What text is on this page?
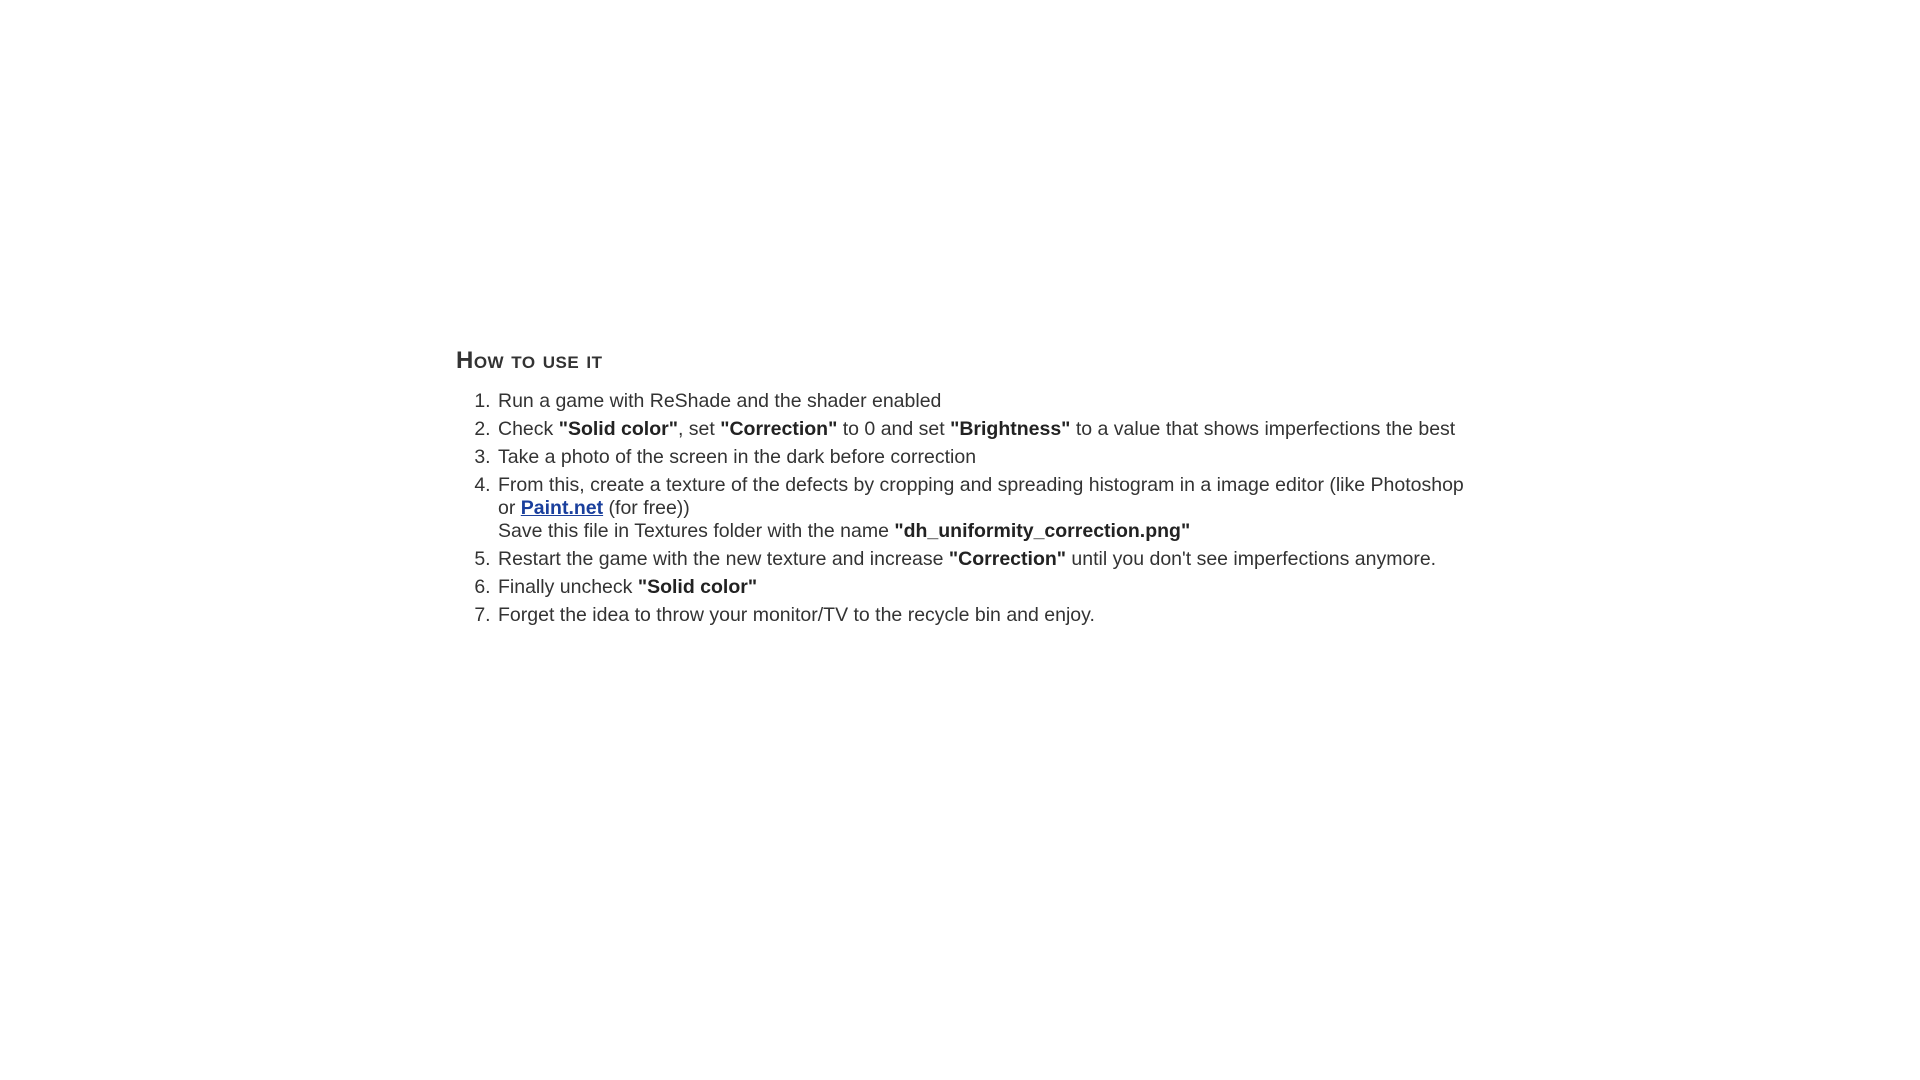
How to use it
1. Run a game with ReShade and the shader enabled
2. Check "Solid color", set "Correction" to 0 and set "Brightness" to a value that shows imperfections the best
3. Take a photo of the screen in the dark before correction
4. From this, create a texture of the defects by cropping and spreading histogram in a image editor (like Photoshop or Paint.net (for free))
Save this file in Textures folder with the name "dh_uniformity_correction.png"
5. Restart the game with the new texture and increase "Correction" until you don't see imperfections anymore.
6. Finally uncheck "Solid color"
7. Forget the idea to throw your monitor/TV to the recycle bin and enjoy.
